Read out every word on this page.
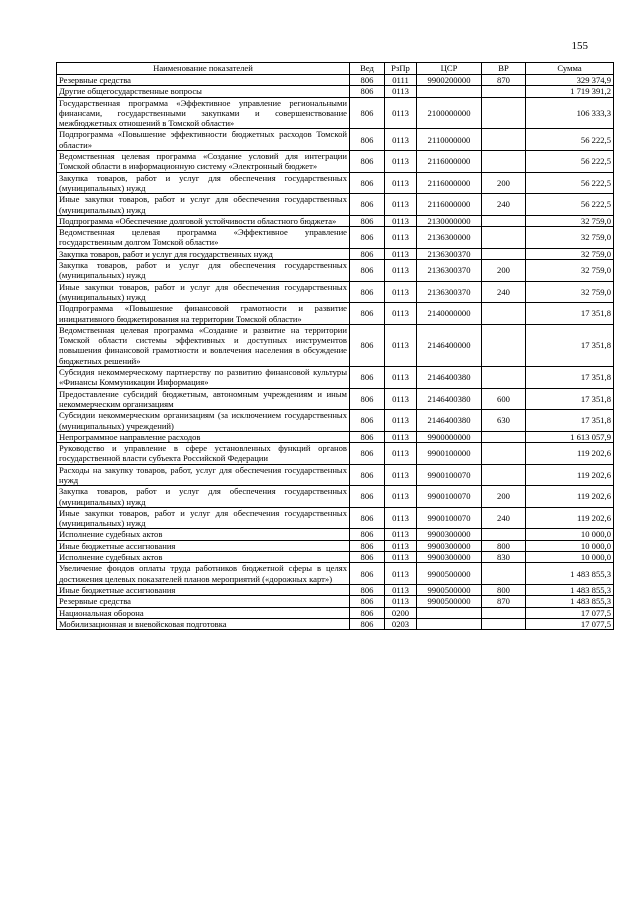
155
Наименование показателей	Вед	РзПр	ЦСР	ВР	Сумма
Резервные средства	806	0111	9900200000	870	329 374,9
Другие общегосударственные вопросы	806	0113			1 719 391,2
Государственная программа «Эффективное управление региональными финансами, государственными закупками и совершенствование межбюджетных отношений в Томской области»	806	0113	2100000000		106 333,3
Подпрограмма «Повышение эффективности бюджетных расходов Томской области»	806	0113	2110000000		56 222,5
Ведомственная целевая программа «Создание условий для интеграции Томской области в информационную систему «Электронный бюджет»	806	0113	2116000000		56 222,5
Закупка товаров, работ и услуг для обеспечения государственных (муниципальных) нужд	806	0113	2116000000	200	56 222,5
Иные закупки товаров, работ и услуг для обеспечения государственных (муниципальных) нужд	806	0113	2116000000	240	56 222,5
Подпрограмма «Обеспечение долговой устойчивости областного бюджета»	806	0113	2130000000		32 759,0
Ведомственная целевая программа «Эффективное управление государственным долгом Томской области»	806	0113	2136300000		32 759,0
Закупка товаров, работ и услуг для государственных нужд	806	0113	2136300370		32 759,0
Закупка товаров, работ и услуг для обеспечения государственных (муниципальных) нужд	806	0113	2136300370	200	32 759,0
Иные закупки товаров, работ и услуг для обеспечения государственных (муниципальных) нужд	806	0113	2136300370	240	32 759,0
Подпрограмма «Повышение финансовой грамотности и развитие инициативного бюджетирования на территории Томской области»	806	0113	2140000000		17 351,8
Ведомственная целевая программа «Создание и развитие на территории Томской области системы эффективных и доступных инструментов повышения финансовой грамотности и вовлечения населения в обсуждение бюджетных решений»	806	0113	2146400000		17 351,8
Субсидия некоммерческому партнерству по развитию финансовой культуры «Финансы Коммуникации Информация»	806	0113	2146400380		17 351,8
Предоставление субсидий бюджетным, автономным учреждениям и иным некоммерческим организациям	806	0113	2146400380	600	17 351,8
Субсидии некоммерческим организациям (за исключением государственных (муниципальных) учреждений)	806	0113	2146400380	630	17 351,8
Непрограммное направление расходов	806	0113	9900000000		1 613 057,9
Руководство и управление в сфере установленных функций органов государственной власти субъекта Российской Федерации	806	0113	9900100000		119 202,6
Расходы на закупку товаров, работ, услуг для обеспечения государственных нужд	806	0113	9900100070		119 202,6
Закупка товаров, работ и услуг для обеспечения государственных (муниципальных) нужд	806	0113	9900100070	200	119 202,6
Иные закупки товаров, работ и услуг для обеспечения государственных (муниципальных) нужд	806	0113	9900100070	240	119 202,6
Исполнение судебных актов	806	0113	9900300000		10 000,0
Иные бюджетные ассигнования	806	0113	9900300000	800	10 000,0
Исполнение судебных актов	806	0113	9900300000	830	10 000,0
Увеличение фондов оплаты труда работников бюджетной сферы в целях достижения целевых показателей планов мероприятий («дорожных карт»)	806	0113	9900500000		1 483 855,3
Иные бюджетные ассигнования	806	0113	9900500000	800	1 483 855,3
Резервные средства	806	0113	9900500000	870	1 483 855,3
Национальная оборона	806	0200			17 077,5
Мобилизационная и вневойсковая подготовка	806	0203			17 077,5
